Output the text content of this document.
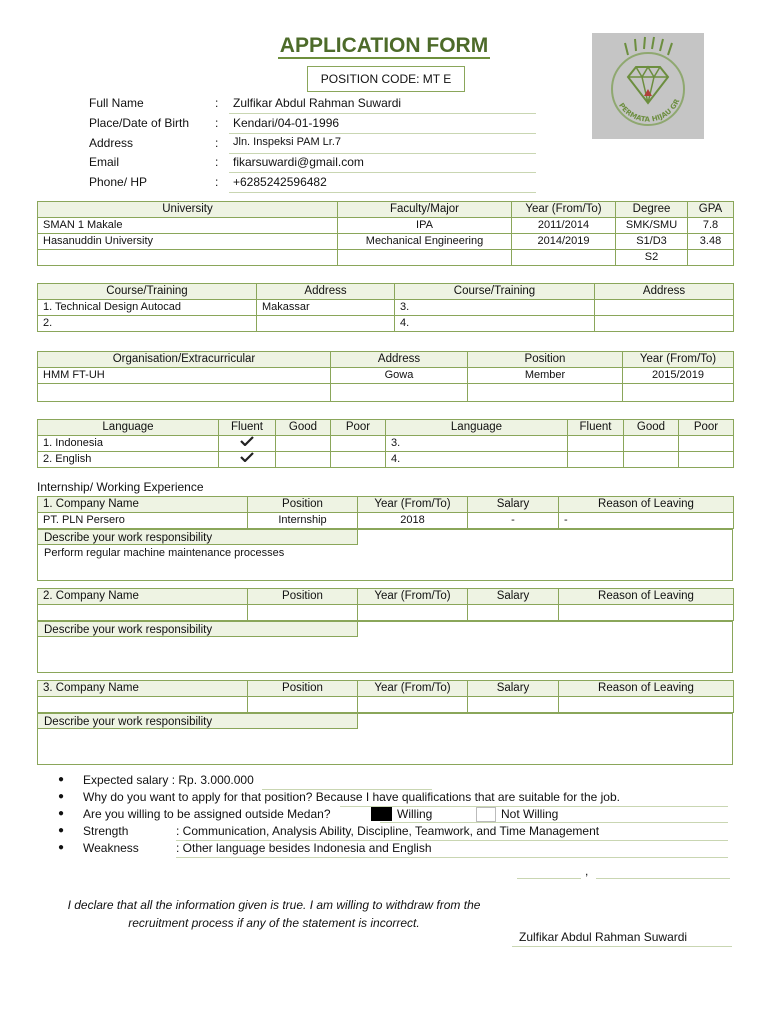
APPLICATION FORM
POSITION CODE: MT E
PERMATA HIJAU GR
Full Name	: Zulfikar Abdul Rahman Suwardi
Place/Date of Birth : Kendari/04-01-1996
Address	: Jln. Inspeksi PAM Lr.7
Email	: fikarsuwardi@gmail.com
Phone/ HP	: +6285242596482
University	Faculty/Major	Year (From/To)	Degree	GPA
SMAN 1 Makale	IPA	2011/2014	SMK/SMU	7.8
Hasanuddin University	Mechanical Engineering	2014/2019	S1/D3	3.48
			S2	
Course/Training	Address	Course/Training	Address
1. Technical Design Autocad	Makassar	3.	
2.		4.	
Organisation/Extracurricular	Address	Position	Year (From/To)
HMM FT-UH	Gowa	Member	2015/2019

Language	Fluent	Good	Poor	Language	Fluent	Good	Poor
1. Indonesia				3.			
2. English				4.			
Internship/ Working Experience
1. Company Name	Position	Year (From/To)	Salary	Reason of Leaving
PT. PLN Persero	Internship	2018	-	-
Describe your work responsibility
Perform regular machine maintenance processes
2. Company Name	Position	Year (From/To)	Salary	Reason of Leaving

Describe your work responsibility
3. Company Name	Position	Year (From/To)	Salary	Reason of Leaving

Describe your work responsibility
● Expected salary : Rp. 3.000.000
● Why do you want to apply for that position? Because I have qualifications that are suitable for the job.
● Are you willing to be assigned outside Medan?	Willing	Not Willing
● Strength	: Communication, Analysis Ability, Discipline, Teamwork, and Time Management
● Weakness	: Other language besides Indonesia and English
,
I declare that all the information given is true. I am willing to withdraw from the recruitment process if any of the statement is incorrect.
Zulfikar Abdul Rahman Suwardi
